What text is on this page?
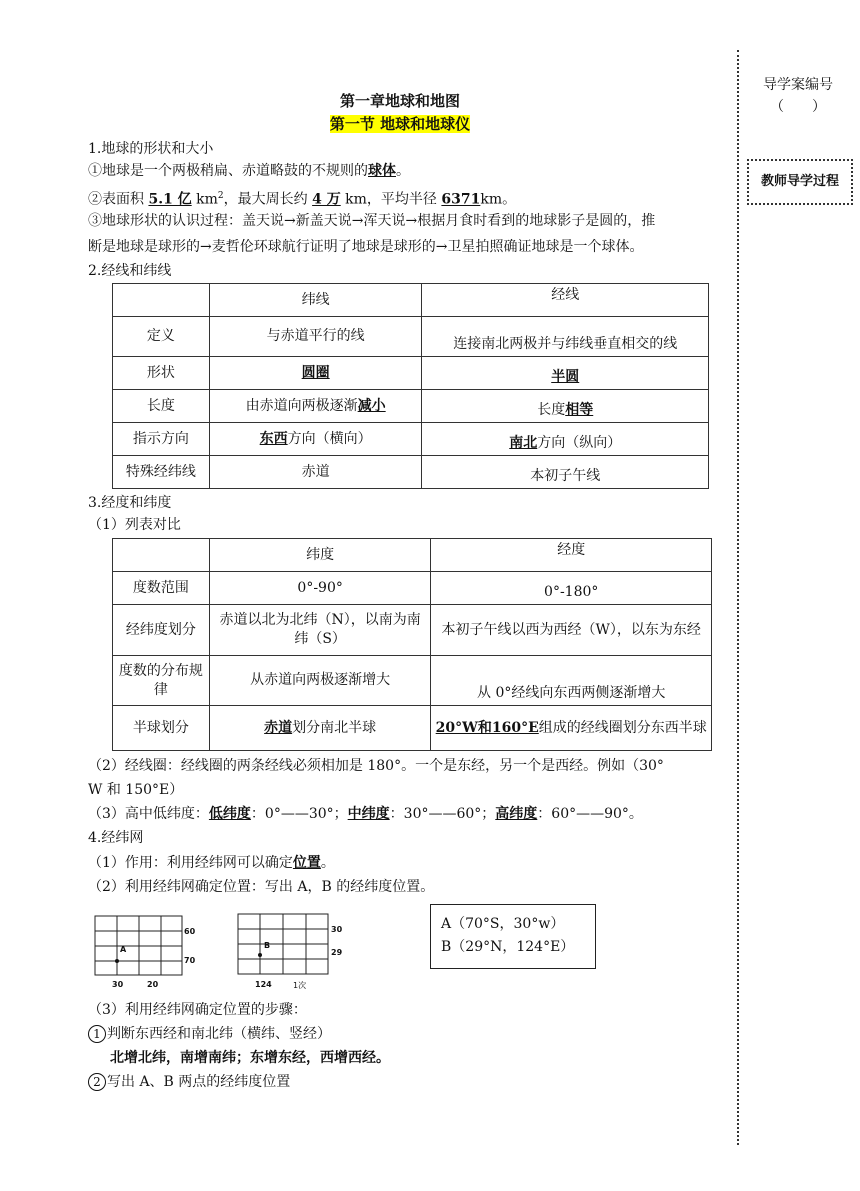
导学案编号
（　　）
教师导学过程
第一章地球和地图
第一节 地球和地球仪
1.地球的形状和大小
①地球是一个两极稍扁、赤道略鼓的不规则的球体。
②表面积 5.1 亿 $km^2$，最大周长约 4 万 km，平均半径 6371km。
③地球形状的认识过程：盖天说→新盖天说→浑天说→根据月食时看到的地球影子是圆的，推
断是地球是球形的→麦哲伦环球航行证明了地球是球形的→卫星拍照确证地球是一个球体。
2.经线和纬线
	纬线	经线
定义	与赤道平行的线	连接南北两极并与纬线垂直相交的线
形状	圆圈	半圆
长度	由赤道向两极逐渐减小	长度相等
指示方向	东西方向（横向）	南北方向（纵向）
特殊经纬线	赤道	本初子午线
3.经度和纬度
（1）列表对比
	纬度	经度
度数范围	0°-90°	0°-180°
经纬度划分	赤道以北为北纬（N），以南为南纬（S）	本初子午线以西为西经（W），以东为东经
度数的分布规律	从赤道向两极逐渐增大	从 0°经线向东西两侧逐渐增大
半球划分	赤道划分南北半球	20°W和160°E组成的经线圈划分东西半球
（2）经线圈：经线圈的两条经线必须相加是 180°。一个是东经，另一个是西经。例如（30°
W 和 150°E）
（3）高中低纬度：低纬度：0°——30°；中纬度：30°——60°；高纬度：60°——90°。
4.经纬网
（1）作用：利用经纬网可以确定位置。
（2）利用经纬网确定位置：写出 A，B 的经纬度位置。
A
60
70
30	20
B
30
29
124	1次
A（70°S，30°w）
B（29°N，124°E）
（3）利用经纬网确定位置的步骤：
1 判断东西经和南北纬（横纬、竖经）
北增北纬，南增南纬；东增东经，西增西经。
2 写出 A、B 两点的经纬度位置
